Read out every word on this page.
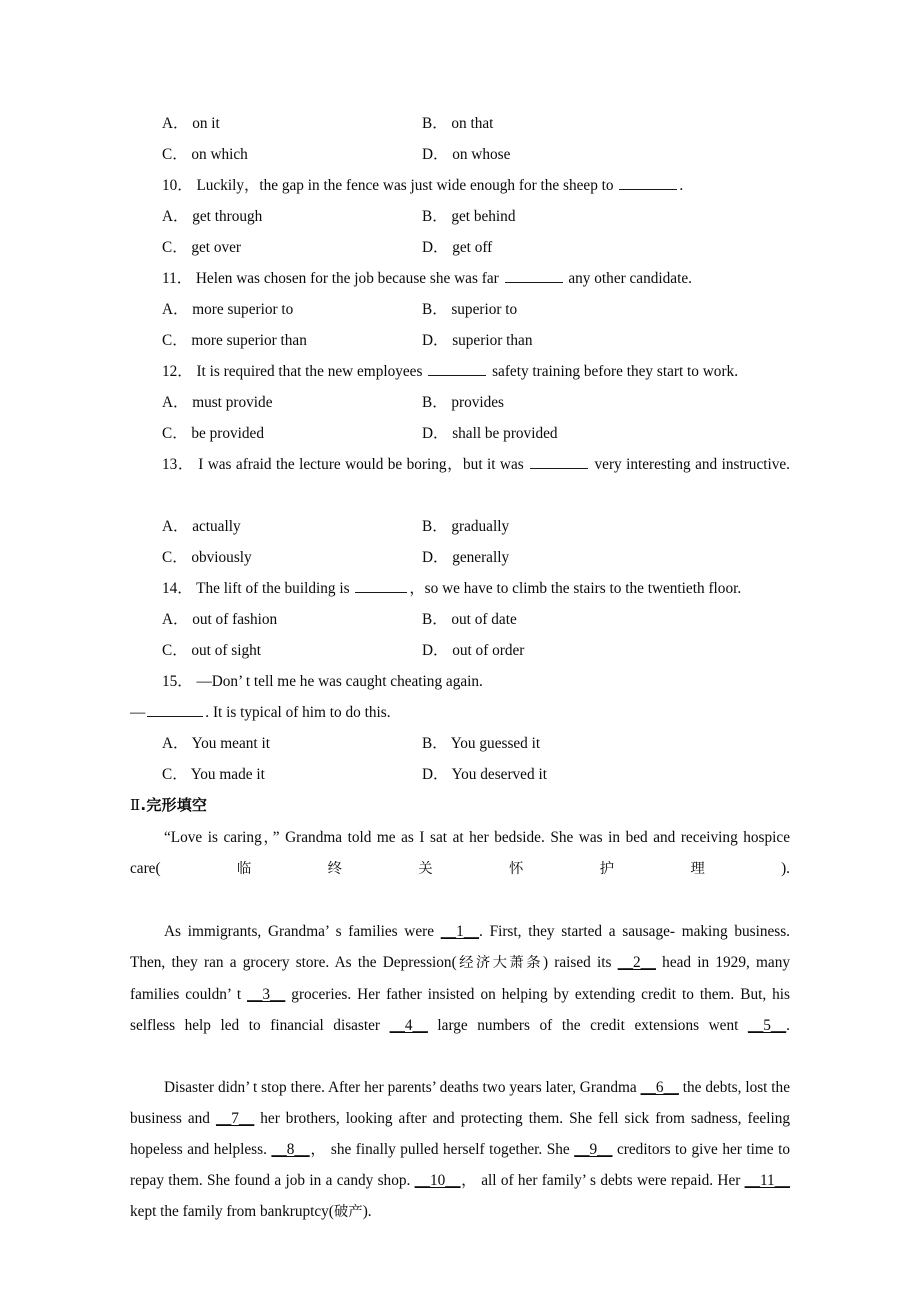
A． on it	B． on that
C． on which	D． on whose

10． Luckily，the gap in the fence was just wide enough for the sheep to	.

A． get through	B． get behind
C． get over	D． get off

11． Helen was chosen for the job because she was far	any other candidate.

A． more superior to	B． superior to
C． more superior than	D． superior than

12． It is required that the new employees	safety training before they start to work.

A． must provide	B． provides
C． be provided	D． shall be provided

13． I was afraid the lecture would be boring，but it was	very interesting and instructive.

A． actually	B． gradually
C． obviously	D． generally

14． The lift of the building is	，so we have to climb the stairs to the twentieth floor.

A． out of fashion	B． out of date
C． out of sight	D． out of order

15． —Don’ t tell me he was caught cheating again.

—	. It is typical of him to do this.

A． You meant it	B． You guessed it
C． You made it	D． You deserved it

Ⅱ.完形填空

“Love is caring，” Grandma told me as I sat at her bedside. She was in bed and receiving hospice care(临终关怀护理).

As immigrants, Grandma’ s families were __1__. First, they started a sausage- making business. Then, they ran a grocery store. As the Depression(经济大萧条) raised its __2__ head in 1929, many families couldn’ t __3__ groceries. Her father insisted on helping by extending credit to them. But, his selfless help led to financial disaster __4__ large numbers of the credit extensions went __5__.

Disaster didn’ t stop there. After her parents’ deaths two years later, Grandma __6__ the debts, lost the business and __7__ her brothers, looking after and protecting them. She fell sick from sadness, feeling hopeless and helpless. __8__， she finally pulled herself together. She __9__ creditors to give her time to repay them. She found a job in a candy shop. __10__， all of her family’ s debts were repaid. Her __11__ kept the family from bankruptcy(破产).
